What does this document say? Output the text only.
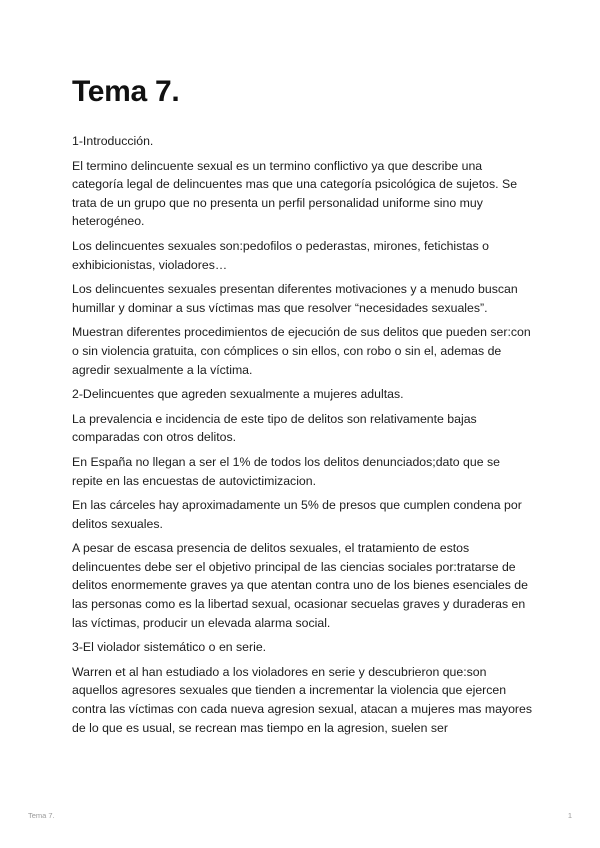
Tema 7.

1-Introducción.

El termino delincuente sexual es un termino conflictivo ya que describe una categoría legal de delincuentes mas que una categoría psicológica de sujetos. Se trata de un grupo que no presenta un perfil personalidad uniforme sino muy heterogéneo.

Los delincuentes sexuales son:pedofilos o pederastas, mirones, fetichistas o exhibicionistas, violadores…

Los delincuentes sexuales presentan diferentes motivaciones y a menudo buscan humillar y dominar a sus víctimas mas que resolver “necesidades sexuales”.

Muestran diferentes procedimientos de ejecución de sus delitos que pueden ser:con o sin violencia gratuita, con cómplices o sin ellos, con robo o sin el, ademas de agredir sexualmente a la víctima.

2-Delincuentes que agreden sexualmente a mujeres adultas.

La prevalencia e incidencia de este tipo de delitos son relativamente bajas comparadas con otros delitos.

En España no llegan a ser el 1% de todos los delitos denunciados;dato que se repite en las encuestas de autovictimizacion.

En las cárceles hay aproximadamente un 5% de presos que cumplen condena por delitos sexuales.

A pesar de escasa presencia de delitos sexuales, el tratamiento de estos delincuentes debe ser el objetivo principal de las ciencias sociales por:tratarse de delitos enormemente graves ya que atentan contra uno de los bienes esenciales de las personas como es la libertad sexual, ocasionar secuelas graves y duraderas en las víctimas, producir un elevada alarma social.

3-El violador sistemático o en serie.

Warren et al han estudiado a los violadores en serie y descubrieron que:son aquellos agresores sexuales que tienden a incrementar la violencia que ejercen contra las víctimas con cada nueva agresion sexual, atacan a mujeres mas mayores de lo que es usual, se recrean mas tiempo en la agresion, suelen ser

Tema 7.	1
